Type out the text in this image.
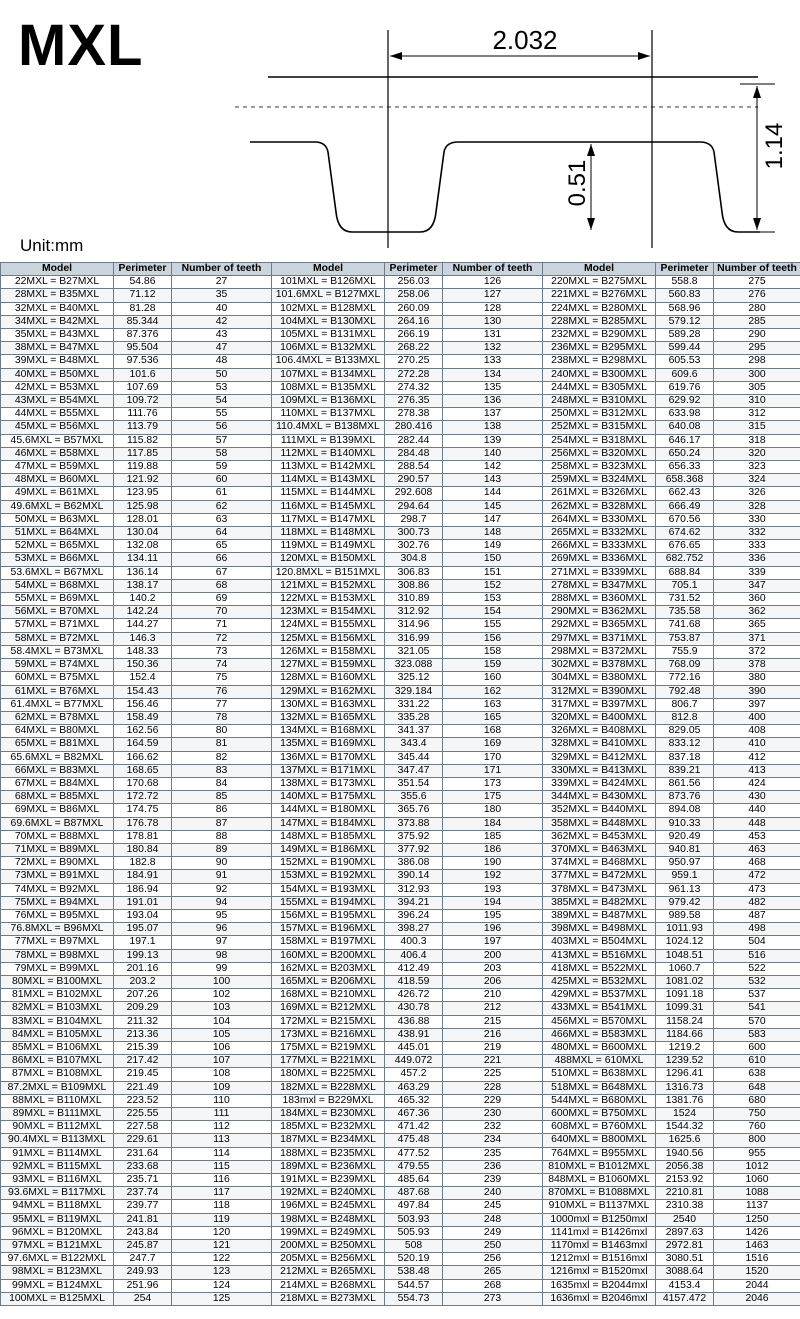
MXL	2.032
1.14
0.51
Unit:mm
Model	Perimeter	Number of teeth	Model	Perimeter	Number of teeth	Model	Perimeter	Number of teeth
22MXL = B27MXL	54.86	27	101MXL = B126MXL	256.03	126	220MXL = B275MXL	558.8	275
28MXL = B35MXL	71.12	35	101.6MXL = B127MXL	258.06	127	221MXL = B276MXL	560.83	276
32MXL = B40MXL	81.28	40	102MXL = B128MXL	260.09	128	224MXL = B280MXL	568.96	280
34MXL = B42MXL	85.344	42	104MXL = B130MXL	264.16	130	228MXL = B285MXL	579.12	285
35MXL = B43MXL	87.376	43	105MXL = B131MXL	266.19	131	232MXL = B290MXL	589.28	290
38MXL = B47MXL	95.504	47	106MXL = B132MXL	268.22	132	236MXL = B295MXL	599.44	295
39MXL = B48MXL	97.536	48	106.4MXL = B133MXL	270.25	133	238MXL = B298MXL	605.53	298
40MXL = B50MXL	101.6	50	107MXL = B134MXL	272.28	134	240MXL = B300MXL	609.6	300
42MXL = B53MXL	107.69	53	108MXL = B135MXL	274.32	135	244MXL = B305MXL	619.76	305
43MXL = B54MXL	109.72	54	109MXL = B136MXL	276.35	136	248MXL = B310MXL	629.92	310
44MXL = B55MXL	111.76	55	110MXL = B137MXL	278.38	137	250MXL = B312MXL	633.98	312
45MXL = B56MXL	113.79	56	110.4MXL = B138MXL	280.416	138	252MXL = B315MXL	640.08	315
45.6MXL = B57MXL	115.82	57	111MXL = B139MXL	282.44	139	254MXL = B318MXL	646.17	318
46MXL = B58MXL	117.85	58	112MXL = B140MXL	284.48	140	256MXL = B320MXL	650.24	320
47MXL = B59MXL	119.88	59	113MXL = B142MXL	288.54	142	258MXL = B323MXL	656.33	323
48MXL = B60MXL	121.92	60	114MXL = B143MXL	290.57	143	259MXL = B324MXL	658.368	324
49MXL = B61MXL	123.95	61	115MXL = B144MXL	292.608	144	261MXL = B326MXL	662.43	326
49.6MXL = B62MXL	125.98	62	116MXL = B145MXL	294.64	145	262MXL = B328MXL	666.49	328
50MXL = B63MXL	128.01	63	117MXL = B147MXL	298.7	147	264MXL = B330MXL	670.56	330
51MXL = B64MXL	130.04	64	118MXL = B148MXL	300.73	148	265MXL = B332MXL	674.62	332
52MXL = B65MXL	132.08	65	119MXL = B149MXL	302.76	149	266MXL = B333MXL	676.65	333
53MXL = B66MXL	134.11	66	120MXL = B150MXL	304.8	150	269MXL = B336MXL	682.752	336
53.6MXL = B67MXL	136.14	67	120.8MXL = B151MXL	306.83	151	271MXL = B339MXL	688.84	339
54MXL = B68MXL	138.17	68	121MXL = B152MXL	308.86	152	278MXL = B347MXL	705.1	347
55MXL = B69MXL	140.2	69	122MXL = B153MXL	310.89	153	288MXL = B360MXL	731.52	360
56MXL = B70MXL	142.24	70	123MXL = B154MXL	312.92	154	290MXL = B362MXL	735.58	362
57MXL = B71MXL	144.27	71	124MXL = B155MXL	314.96	155	292MXL = B365MXL	741.68	365
58MXL = B72MXL	146.3	72	125MXL = B156MXL	316.99	156	297MXL = B371MXL	753.87	371
58.4MXL = B73MXL	148.33	73	126MXL = B158MXL	321.05	158	298MXL = B372MXL	755.9	372
59MXL = B74MXL	150.36	74	127MXL = B159MXL	323.088	159	302MXL = B378MXL	768.09	378
60MXL = B75MXL	152.4	75	128MXL = B160MXL	325.12	160	304MXL = B380MXL	772.16	380
61MXL = B76MXL	154.43	76	129MXL = B162MXL	329.184	162	312MXL = B390MXL	792.48	390
61.4MXL = B77MXL	156.46	77	130MXL = B163MXL	331.22	163	317MXL = B397MXL	806.7	397
62MXL = B78MXL	158.49	78	132MXL = B165MXL	335.28	165	320MXL = B400MXL	812.8	400
64MXL = B80MXL	162.56	80	134MXL = B168MXL	341.37	168	326MXL = B408MXL	829.05	408
65MXL = B81MXL	164.59	81	135MXL = B169MXL	343.4	169	328MXL = B410MXL	833.12	410
65.6MXL = B82MXL	166.62	82	136MXL = B170MXL	345.44	170	329MXL = B412MXL	837.18	412
66MXL = B83MXL	168.65	83	137MXL = B171MXL	347.47	171	330MXL = B413MXL	839.21	413
67MXL = B84MXL	170.68	84	138MXL = B173MXL	351.54	173	339MXL = B424MXL	861.56	424
68MXL = B85MXL	172.72	85	140MXL = B175MXL	355.6	175	344MXL = B430MXL	873.76	430
69MXL = B86MXL	174.75	86	144MXL = B180MXL	365.76	180	352MXL = B440MXL	894.08	440
69.6MXL = B87MXL	176.78	87	147MXL = B184MXL	373.88	184	358MXL = B448MXL	910.33	448
70MXL = B88MXL	178.81	88	148MXL = B185MXL	375.92	185	362MXL = B453MXL	920.49	453
71MXL = B89MXL	180.84	89	149MXL = B186MXL	377.92	186	370MXL = B463MXL	940.81	463
72MXL = B90MXL	182.8	90	152MXL = B190MXL	386.08	190	374MXL = B468MXL	950.97	468
73MXL = B91MXL	184.91	91	153MXL = B192MXL	390.14	192	377MXL = B472MXL	959.1	472
74MXL = B92MXL	186.94	92	154MXL = B193MXL	312.93	193	378MXL = B473MXL	961.13	473
75MXL = B94MXL	191.01	94	155MXL = B194MXL	394.21	194	385MXL = B482MXL	979.42	482
76MXL = B95MXL	193.04	95	156MXL = B195MXL	396.24	195	389MXL = B487MXL	989.58	487
76.8MXL = B96MXL	195.07	96	157MXL = B196MXL	398.27	196	398MXL = B498MXL	1011.93	498
77MXL = B97MXL	197.1	97	158MXL = B197MXL	400.3	197	403MXL = B504MXL	1024.12	504
78MXL = B98MXL	199.13	98	160MXL = B200MXL	406.4	200	413MXL = B516MXL	1048.51	516
79MXL = B99MXL	201.16	99	162MXL = B203MXL	412.49	203	418MXL = B522MXL	1060.7	522
80MXL = B100MXL	203.2	100	165MXL = B206MXL	418.59	206	425MXL = B532MXL	1081.02	532
81MXL = B102MXL	207.26	102	168MXL = B210MXL	426.72	210	429MXL = B537MXL	1091.18	537
82MXL = B103MXL	209.29	103	169MXL = B212MXL	430.78	212	433MXL = B541MXL	1099.31	541
83MXL = B104MXL	211.32	104	172MXL = B215MXL	436.88	215	456MXL = B570MXL	1158.24	570
84MXL = B105MXL	213.36	105	173MXL = B216MXL	438.91	216	466MXL = B583MXL	1184.66	583
85MXL = B106MXL	215.39	106	175MXL = B219MXL	445.01	219	480MXL = B600MXL	1219.2	600
86MXL = B107MXL	217.42	107	177MXL = B221MXL	449.072	221	488MXL = 610MXL	1239.52	610
87MXL = B108MXL	219.45	108	180MXL = B225MXL	457.2	225	510MXL = B638MXL	1296.41	638
87.2MXL = B109MXL	221.49	109	182MXL = B228MXL	463.29	228	518MXL = B648MXL	1316.73	648
88MXL = B110MXL	223.52	110	183mxl = B229MXL	465.32	229	544MXL = B680MXL	1381.76	680
89MXL = B111MXL	225.55	111	184MXL = B230MXL	467.36	230	600MXL = B750MXL	1524	750
90MXL = B112MXL	227.58	112	185MXL = B232MXL	471.42	232	608MXL = B760MXL	1544.32	760
90.4MXL = B113MXL	229.61	113	187MXL = B234MXL	475.48	234	640MXL = B800MXL	1625.6	800
91MXL = B114MXL	231.64	114	188MXL = B235MXL	477.52	235	764MXL = B955MXL	1940.56	955
92MXL = B115MXL	233.68	115	189MXL = B236MXL	479.55	236	810MXL = B1012MXL	2056.38	1012
93MXL = B116MXL	235.71	116	191MXL = B239MXL	485.64	239	848MXL = B1060MXL	2153.92	1060
93.6MXL = B117MXL	237.74	117	192MXL = B240MXL	487.68	240	870MXL = B1088MXL	2210.81	1088
94MXL = B118MXL	239.77	118	196MXL = B245MXL	497.84	245	910MXL = B1137MXL	2310.38	1137
95MXL = B119MXL	241.81	119	198MXL = B248MXL	503.93	248	1000mxl = B1250mxl	2540	1250
96MXL = B120MXL	243.84	120	199MXL = B249MXL	505.93	249	1141mxl = B1426mxl	2897.63	1426
97MXL = B121MXL	245.87	121	200MXL = B250MXL	508	250	1170mxl = B1463mxl	2972.81	1463
97.6MXL = B122MXL	247.7	122	205MXL = B256MXL	520.19	256	1212mxl = B1516mxl	3080.51	1516
98MXL = B123MXL	249.93	123	212MXL = B265MXL	538.48	265	1216mxl = B1520mxl	3088.64	1520
99MXL = B124MXL	251.96	124	214MXL = B268MXL	544.57	268	1635mxl = B2044mxl	4153.4	2044
100MXL = B125MXL	254	125	218MXL = B273MXL	554.73	273	1636mxl = B2046mxl	4157.472	2046
